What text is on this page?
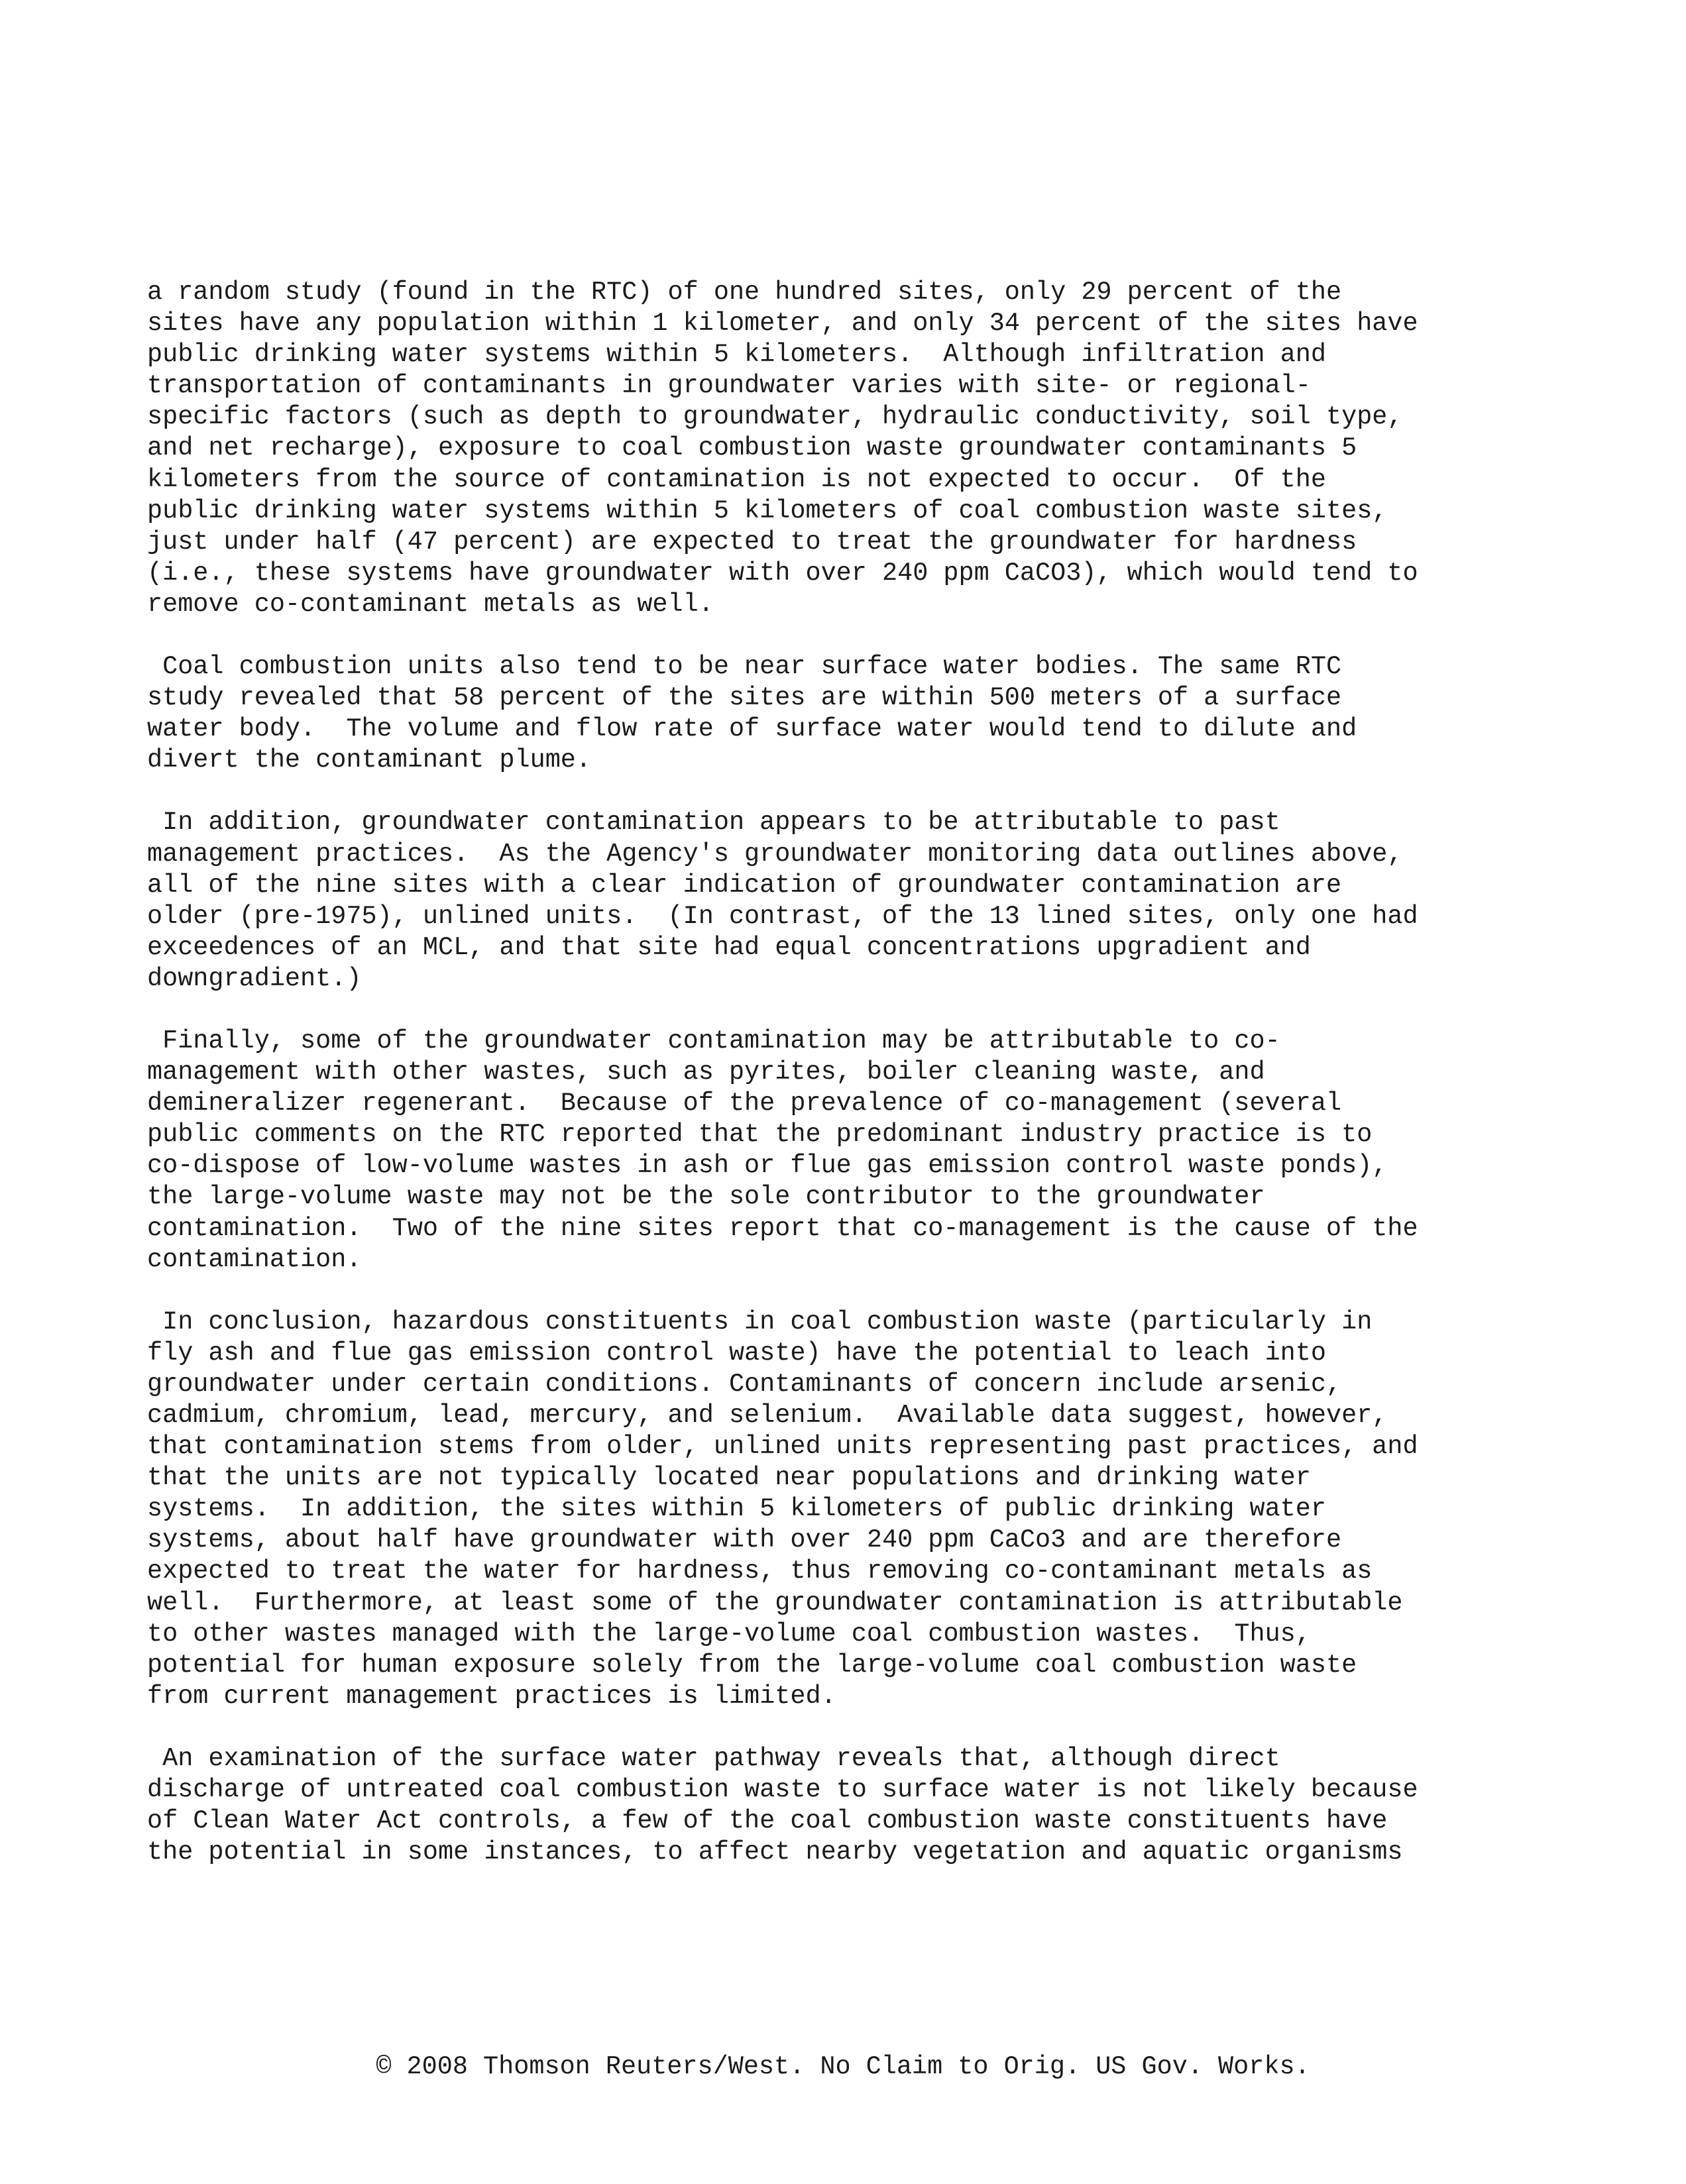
a random study (found in the RTC) of one hundred sites, only 29 percent of the
sites have any population within 1 kilometer, and only 34 percent of the sites have
public drinking water systems within 5 kilometers.  Although infiltration and
transportation of contaminants in groundwater varies with site- or regional-
specific factors (such as depth to groundwater, hydraulic conductivity, soil type,
and net recharge), exposure to coal combustion waste groundwater contaminants 5
kilometers from the source of contamination is not expected to occur.  Of the
public drinking water systems within 5 kilometers of coal combustion waste sites,
just under half (47 percent) are expected to treat the groundwater for hardness
(i.e., these systems have groundwater with over 240 ppm CaCO3), which would tend to
remove co-contaminant metals as well.

Coal combustion units also tend to be near surface water bodies. The same RTC
study revealed that 58 percent of the sites are within 500 meters of a surface
water body.  The volume and flow rate of surface water would tend to dilute and
divert the contaminant plume.

In addition, groundwater contamination appears to be attributable to past
management practices.  As the Agency's groundwater monitoring data outlines above,
all of the nine sites with a clear indication of groundwater contamination are
older (pre-1975), unlined units.  (In contrast, of the 13 lined sites, only one had
exceedences of an MCL, and that site had equal concentrations upgradient and
downgradient.)

Finally, some of the groundwater contamination may be attributable to co-
management with other wastes, such as pyrites, boiler cleaning waste, and
demineralizer regenerant.  Because of the prevalence of co-management (several
public comments on the RTC reported that the predominant industry practice is to
co-dispose of low-volume wastes in ash or flue gas emission control waste ponds),
the large-volume waste may not be the sole contributor to the groundwater
contamination.  Two of the nine sites report that co-management is the cause of the
contamination.

In conclusion, hazardous constituents in coal combustion waste (particularly in
fly ash and flue gas emission control waste) have the potential to leach into
groundwater under certain conditions. Contaminants of concern include arsenic,
cadmium, chromium, lead, mercury, and selenium.  Available data suggest, however,
that contamination stems from older, unlined units representing past practices, and
that the units are not typically located near populations and drinking water
systems.  In addition, the sites within 5 kilometers of public drinking water
systems, about half have groundwater with over 240 ppm CaCo3 and are therefore
expected to treat the water for hardness, thus removing co-contaminant metals as
well.  Furthermore, at least some of the groundwater contamination is attributable
to other wastes managed with the large-volume coal combustion wastes.  Thus,
potential for human exposure solely from the large-volume coal combustion waste
from current management practices is limited.

An examination of the surface water pathway reveals that, although direct
discharge of untreated coal combustion waste to surface water is not likely because
of Clean Water Act controls, a few of the coal combustion waste constituents have
the potential in some instances, to affect nearby vegetation and aquatic organisms

© 2008 Thomson Reuters/West. No Claim to Orig. US Gov. Works.
